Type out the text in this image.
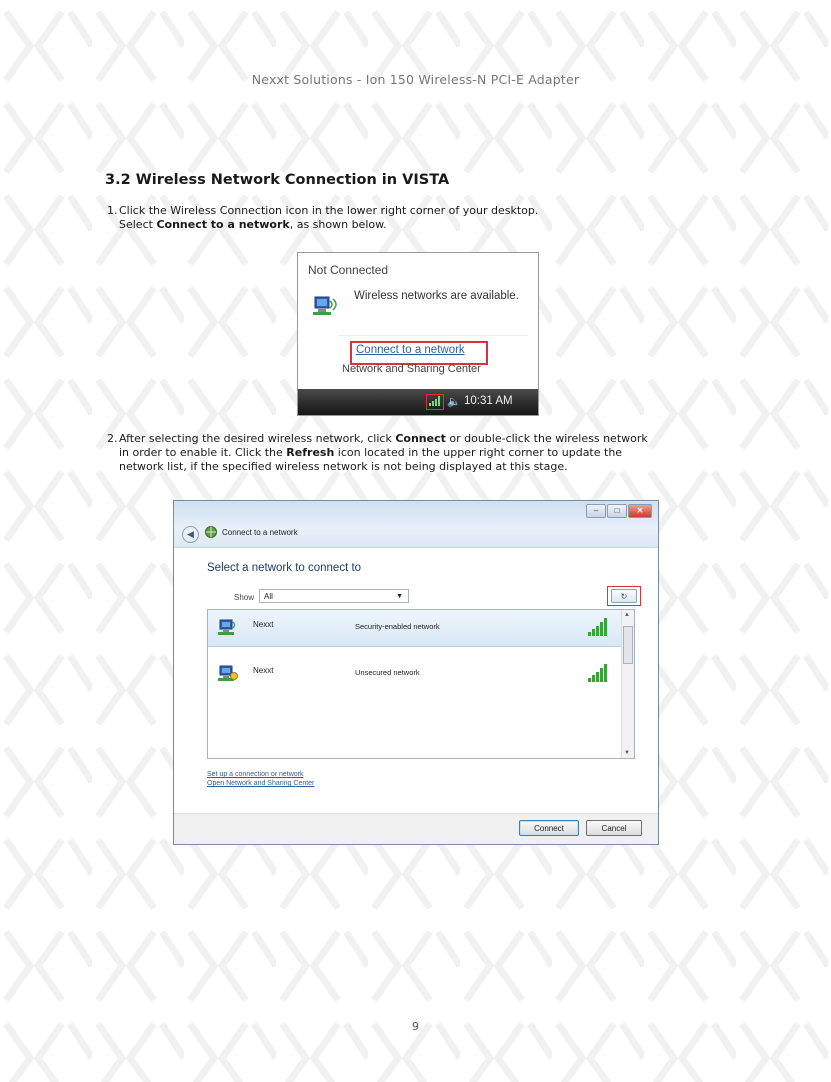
Nexxt Solutions - Ion 150 Wireless-N PCI-E Adapter
3.2 Wireless Network Connection in VISTA
1. Click the Wireless Connection icon in the lower right corner of your desktop.
Select Connect to a network, as shown below.
Not Connected
Wireless networks are available.
Connect to a network
Network and Sharing Center
🔈 10:31 AM
2. After selecting the desired wireless network, click Connect or double-click the wireless network
in order to enable it. Click the Refresh icon located in the upper right corner to update the
network list, if the specified wireless network is not being displayed at this stage.
◀	Connect to a network
– □ ✕
Select a network to connect to
Show	All	▼	↻
Nexxt	Security-enabled network
Nexxt	Unsecured network
▲
▼
Set up a connection or network
Open Network and Sharing Center
Connect	Cancel
9
